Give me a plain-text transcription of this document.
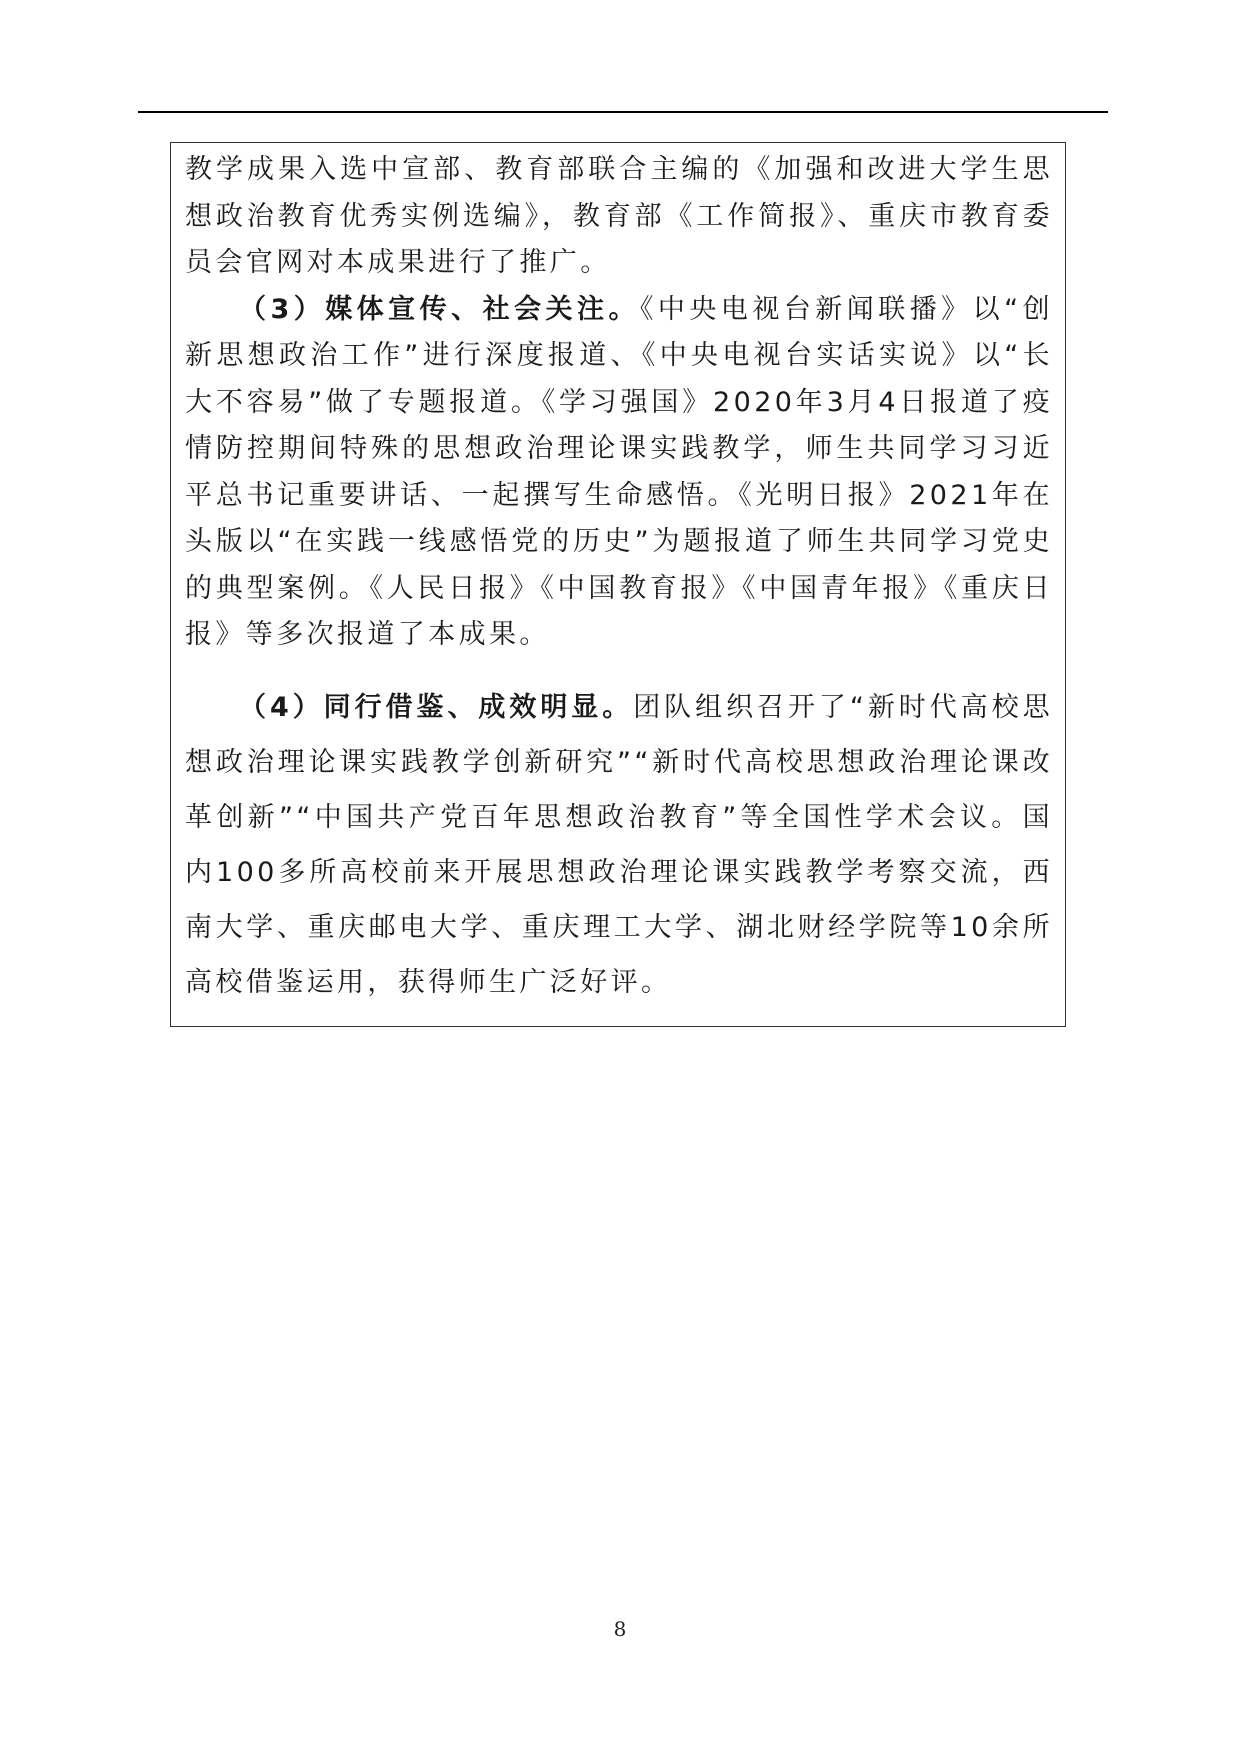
教学成果入选中宣部、教育部联合主编的《加强和改进大学生思想政治教育优秀实例选编》，教育部《工作简报》、重庆市教育委员会官网对本成果进行了推广。

（3）媒体宣传、社会关注。《中央电视台新闻联播》以“创新思想政治工作”进行深度报道、《中央电视台实话实说》以“长大不容易”做了专题报道。《学习强国》2020年3月4日报道了疫情防控期间特殊的思想政治理论课实践教学，师生共同学习习近平总书记重要讲话、一起撰写生命感悟。《光明日报》2021年在头版以“在实践一线感悟党的历史”为题报道了师生共同学习党史的典型案例。《人民日报》《中国教育报》《中国青年报》《重庆日报》等多次报道了本成果。

（4）同行借鉴、成效明显。团队组织召开了“新时代高校思想政治理论课实践教学创新研究”“新时代高校思想政治理论课改革创新”“中国共产党百年思想政治教育”等全国性学术会议。国内100多所高校前来开展思想政治理论课实践教学考察交流，西南大学、重庆邮电大学、重庆理工大学、湖北财经学院等10余所高校借鉴运用，获得师生广泛好评。

8
